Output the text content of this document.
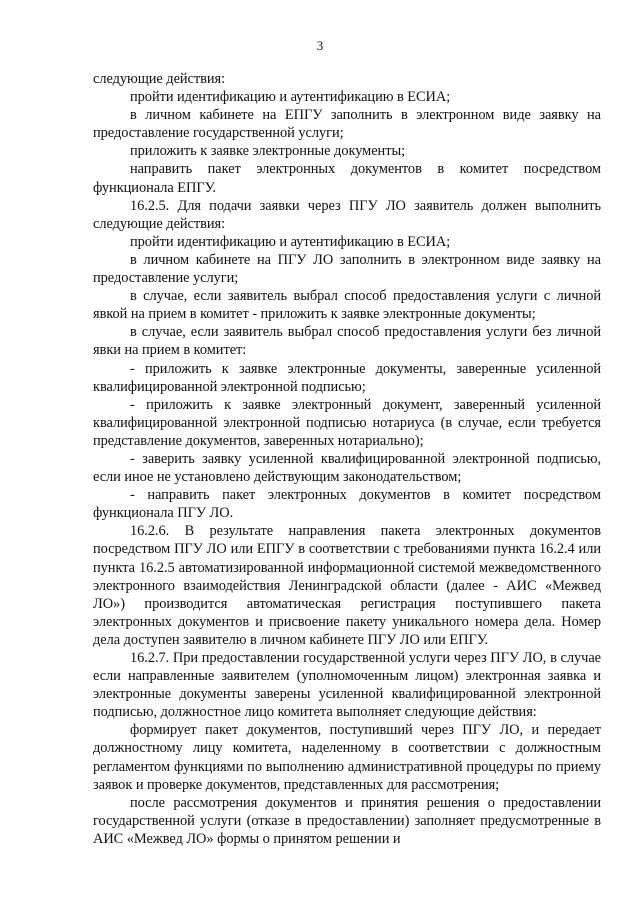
3

следующие действия:

пройти идентификацию и аутентификацию в ЕСИА;

в личном кабинете на ЕПГУ заполнить в электронном виде заявку на предоставление государственной услуги;

приложить к заявке электронные документы;

направить пакет электронных документов в комитет посредством функционала ЕПГУ.

16.2.5. Для подачи заявки через ПГУ ЛО заявитель должен выполнить следующие действия:

пройти идентификацию и аутентификацию в ЕСИА;

в личном кабинете на ПГУ ЛО заполнить в электронном виде заявку на предоставление услуги;

в случае, если заявитель выбрал способ предоставления услуги с личной явкой на прием в комитет - приложить к заявке электронные документы;

в случае, если заявитель выбрал способ предоставления услуги без личной явки на прием в комитет:

- приложить к заявке электронные документы, заверенные усиленной квалифицированной электронной подписью;

- приложить к заявке электронный документ, заверенный усиленной квалифицированной электронной подписью нотариуса (в случае, если требуется представление документов, заверенных нотариально);

- заверить заявку усиленной квалифицированной электронной подписью, если иное не установлено действующим законодательством;

- направить пакет электронных документов в комитет посредством функционала ПГУ ЛО.

16.2.6. В результате направления пакета электронных документов посредством ПГУ ЛО или ЕПГУ в соответствии с требованиями пункта 16.2.4 или пункта 16.2.5 автоматизированной информационной системой межведомственного электронного взаимодействия Ленинградской области (далее - АИС «Межвед ЛО») производится автоматическая регистрация поступившего пакета электронных документов и присвоение пакету уникального номера дела. Номер дела доступен заявителю в личном кабинете ПГУ ЛО или ЕПГУ.

16.2.7. При предоставлении государственной услуги через ПГУ ЛО, в случае если направленные заявителем (уполномоченным лицом) электронная заявка и электронные документы заверены усиленной квалифицированной электронной подписью, должностное лицо комитета выполняет следующие действия:

формирует пакет документов, поступивший через ПГУ ЛО, и передает должностному лицу комитета, наделенному в соответствии с должностным регламентом функциями по выполнению административной процедуры по приему заявок и проверке документов, представленных для рассмотрения;

после рассмотрения документов и принятия решения о предоставлении государственной услуги (отказе в предоставлении) заполняет предусмотренные в АИС «Межвед ЛО» формы о принятом решении и
